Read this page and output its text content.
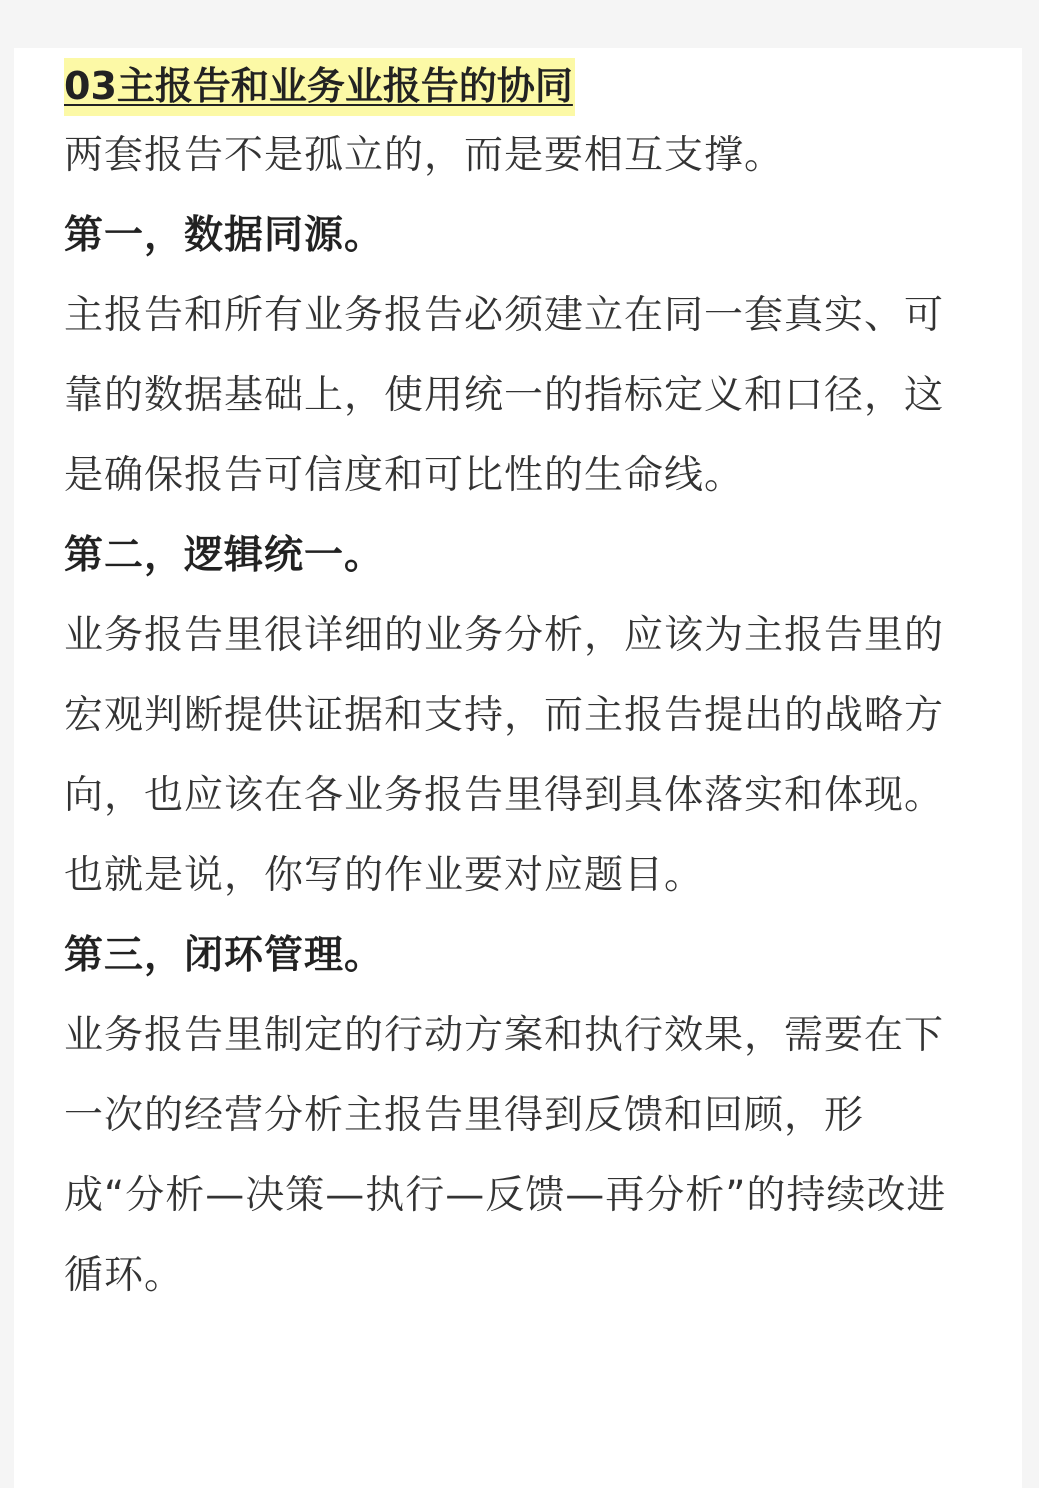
03主报告和业务业报告的协同

两套报告不是孤立的，而是要相互支撑。

第一，数据同源。

主报告和所有业务报告必须建立在同一套真实、可靠的数据基础上，使用统一的指标定义和口径，这是确保报告可信度和可比性的生命线。

第二，逻辑统一。

业务报告里很详细的业务分析，应该为主报告里的宏观判断提供证据和支持，而主报告提出的战略方向，也应该在各业务报告里得到具体落实和体现。

也就是说，你写的作业要对应题目。

第三，闭环管理。

业务报告里制定的行动方案和执行效果，需要在下一次的经营分析主报告里得到反馈和回顾，形成“分析—决策—执行—反馈—再分析”的持续改进循环。
